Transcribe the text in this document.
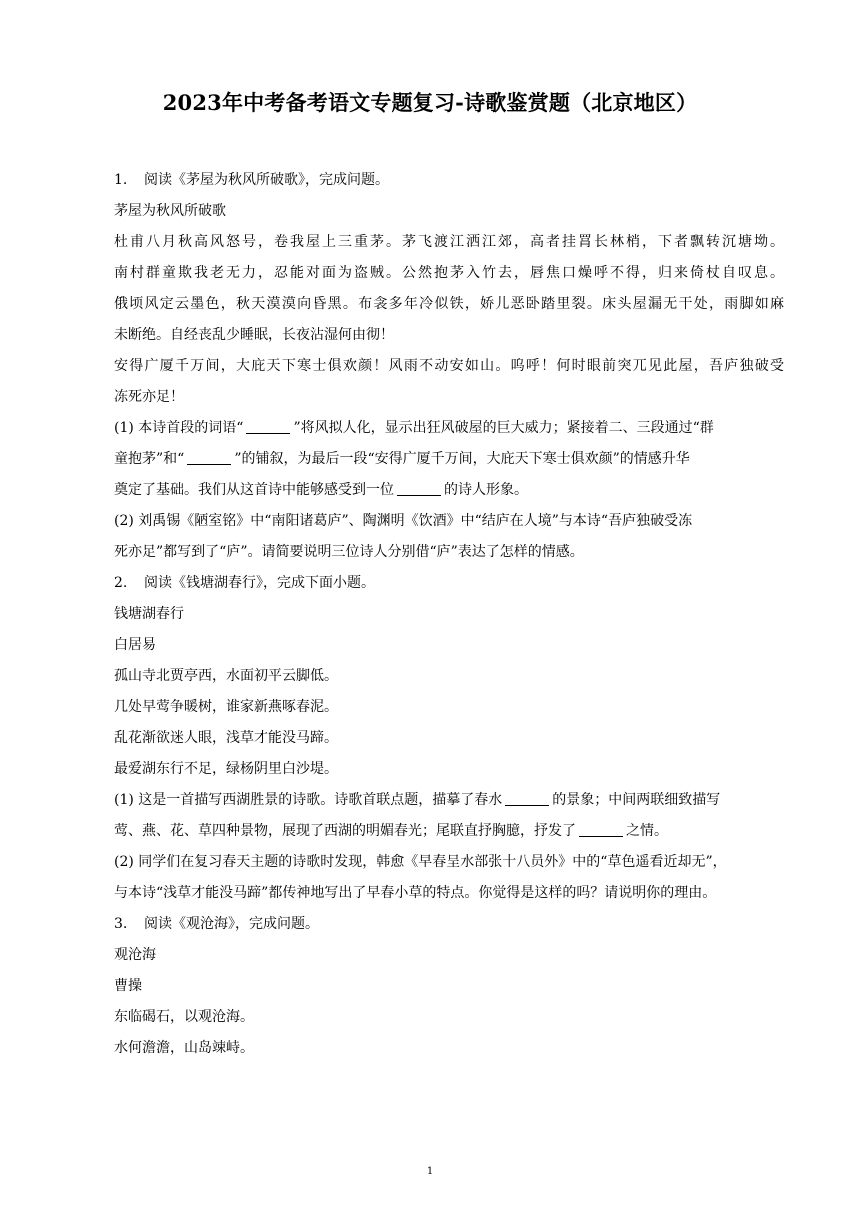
2023年中考备考语文专题复习-诗歌鉴赏题（北京地区）
1. 阅读《茅屋为秋风所破歌》，完成问题。
茅屋为秋风所破歌
杜甫八月秋高风怒号，卷我屋上三重茅。茅飞渡江洒江郊，高者挂罥长林梢，下者飘转沉塘坳。
南村群童欺我老无力，忍能对面为盗贼。公然抱茅入竹去，唇焦口燥呼不得，归来倚杖自叹息。
俄顷风定云墨色，秋天漠漠向昏黑。布衾多年冷似铁，娇儿恶卧踏里裂。床头屋漏无干处，雨脚如麻
未断绝。自经丧乱少睡眠，长夜沾湿何由彻！
安得广厦千万间，大庇天下寒士俱欢颜！风雨不动安如山。呜呼！何时眼前突兀见此屋，吾庐独破受
冻死亦足！
(1) 本诗首段的词语“	”将风拟人化，显示出狂风破屋的巨大威力；紧接着二、三段通过“群
童抱茅”和“	”的铺叙，为最后一段“安得广厦千万间，大庇天下寒士俱欢颜”的情感升华
奠定了基础。我们从这首诗中能够感受到一位	的诗人形象。
(2) 刘禹锡《陋室铭》中“南阳诸葛庐”、陶渊明《饮酒》中“结庐在人境”与本诗“吾庐独破受冻
死亦足”都写到了“庐”。请简要说明三位诗人分别借“庐”表达了怎样的情感。
2. 阅读《钱塘湖春行》，完成下面小题。
钱塘湖春行
白居易
孤山寺北贾亭西，水面初平云脚低。
几处早莺争暖树，谁家新燕啄春泥。
乱花渐欲迷人眼，浅草才能没马蹄。
最爱湖东行不足，绿杨阴里白沙堤。
(1) 这是一首描写西湖胜景的诗歌。诗歌首联点题，描摹了春水	的景象；中间两联细致描写
莺、燕、花、草四种景物，展现了西湖的明媚春光；尾联直抒胸臆，抒发了	之情。
(2) 同学们在复习春天主题的诗歌时发现，韩愈《早春呈水部张十八员外》中的“草色遥看近却无”，
与本诗“浅草才能没马蹄”都传神地写出了早春小草的特点。你觉得是这样的吗？请说明你的理由。
3. 阅读《观沧海》，完成问题。
观沧海
曹操
东临碣石，以观沧海。
水何澹澹，山岛竦峙。
1
